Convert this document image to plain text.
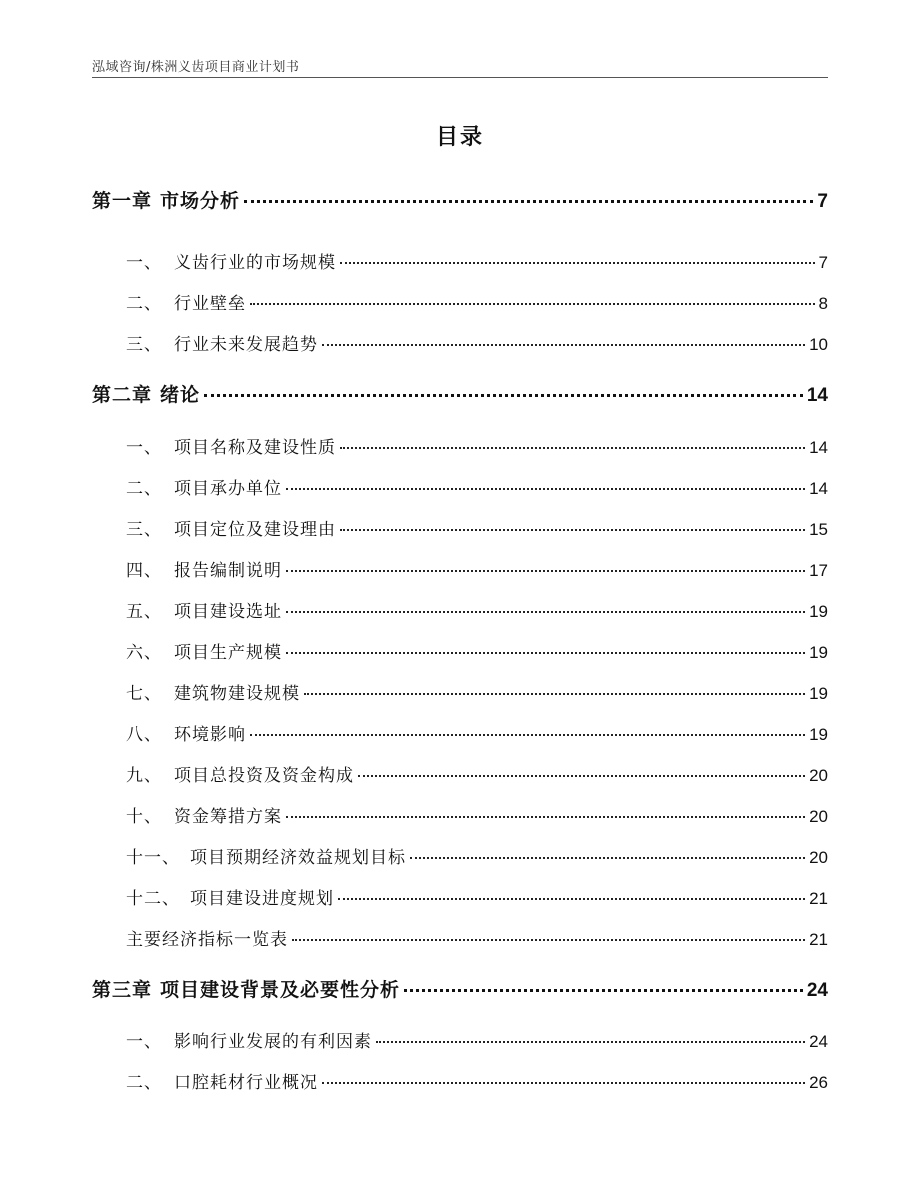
泓域咨询/株洲义齿项目商业计划书
目录
第一章 市场分析	7
一、 义齿行业的市场规模	7
二、 行业壁垒	8
三、 行业未来发展趋势	10
第二章 绪论	14
一、 项目名称及建设性质	14
二、 项目承办单位	14
三、 项目定位及建设理由	15
四、 报告编制说明	17
五、 项目建设选址	19
六、 项目生产规模	19
七、 建筑物建设规模	19
八、 环境影响	19
九、 项目总投资及资金构成	20
十、 资金筹措方案	20
十一、 项目预期经济效益规划目标	20
十二、 项目建设进度规划	21
主要经济指标一览表	21
第三章 项目建设背景及必要性分析	24
一、 影响行业发展的有利因素	24
二、 口腔耗材行业概况	26
